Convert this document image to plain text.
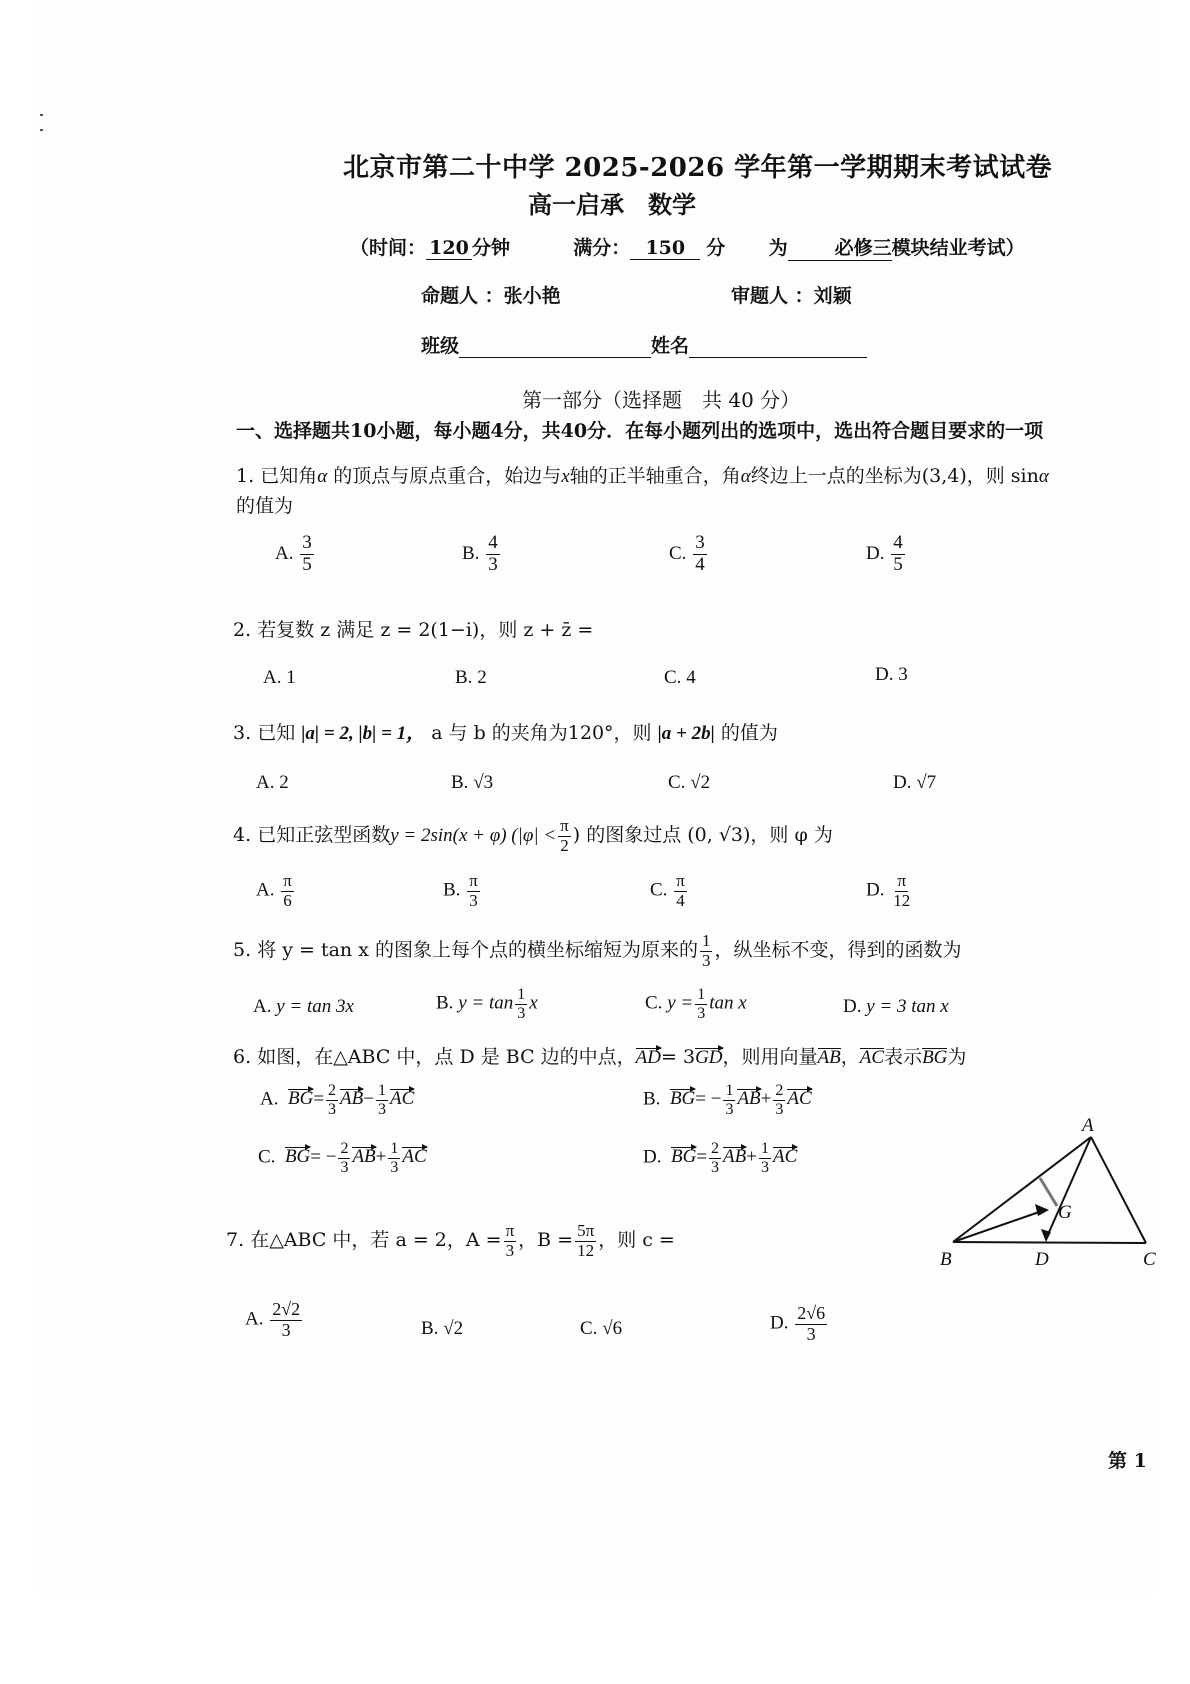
北京市第二十中学 2025-2026 学年第一学期期末考试试卷
高一启承　数学
（时间： 120 分钟	满分： 150 分 为 必修三模块结业考试）
命题人 ：张小艳	审题人 ：刘颖
班级	姓名
第一部分（选择题　共 40 分）
一、选择题共10小题，每小题4分，共40分．在每小题列出的选项中，选出符合题目要求的一项
1. 已知角α 的顶点与原点重合，始边与x轴的正半轴重合，角α终边上一点的坐标为(3,4)，则 sinα
的值为
A. $\frac{3}{5}$	B. $\frac{4}{3}$	C. $\frac{3}{4}$	D. $\frac{4}{5}$
2. 若复数 z 满足 z = 2(1−i)，则 z + z̄ =
A. 1	B. 2	C. 4	D. 3
3. 已知 |a| = 2, |b| = 1， a 与 b 的夹角为120°，则 |a + 2b| 的值为
A. 2	B. √3	C. √2	D. √7
4. 已知正弦型函数y = 2sin(x + φ) ($|\varphi| < \frac{\pi}{2}$ ) 的图象过点 (0, √3)，则 φ 为
A. $\frac{\pi}{6}$	B. $\frac{\pi}{3}$	C. $\frac{\pi}{4}$	D. $\frac{\pi}{12}$
5. 将 y = tan x 的图象上每个点的横坐标缩短为原来的 $\frac{1}{3}$ ，纵坐标不变，得到的函数为
A. y = tan 3x	B. $y = \tan \frac{1}{3}$ x	C. $y = \frac{1}{3}$ tan x	D. y = 3 tan x
6. 如图，在△ABC 中，点 D 是 BC 边的中点，AD= 3GD，则用向量AB，AC表示BG为
A. $BG= \frac{2}{3} AB- \frac{1}{3}$ AC	B. $BG= - \frac{1}{3} AB+ \frac{2}{3}$ AC
C. $BG= - \frac{2}{3} AB+ \frac{1}{3}$ AC	D. $BG= \frac{2}{3} AB+ \frac{1}{3}$ AC
A
B	D	C
G
7. 在△ABC 中，若 a = 2，$A = \frac{\pi}{3}$ ，$B = \frac{5\pi}{12}$ ，则 c =
A. $\frac{2√2}{3}$	B. √2	C. √6	D. $\frac{2√6}{3}$
第 1
